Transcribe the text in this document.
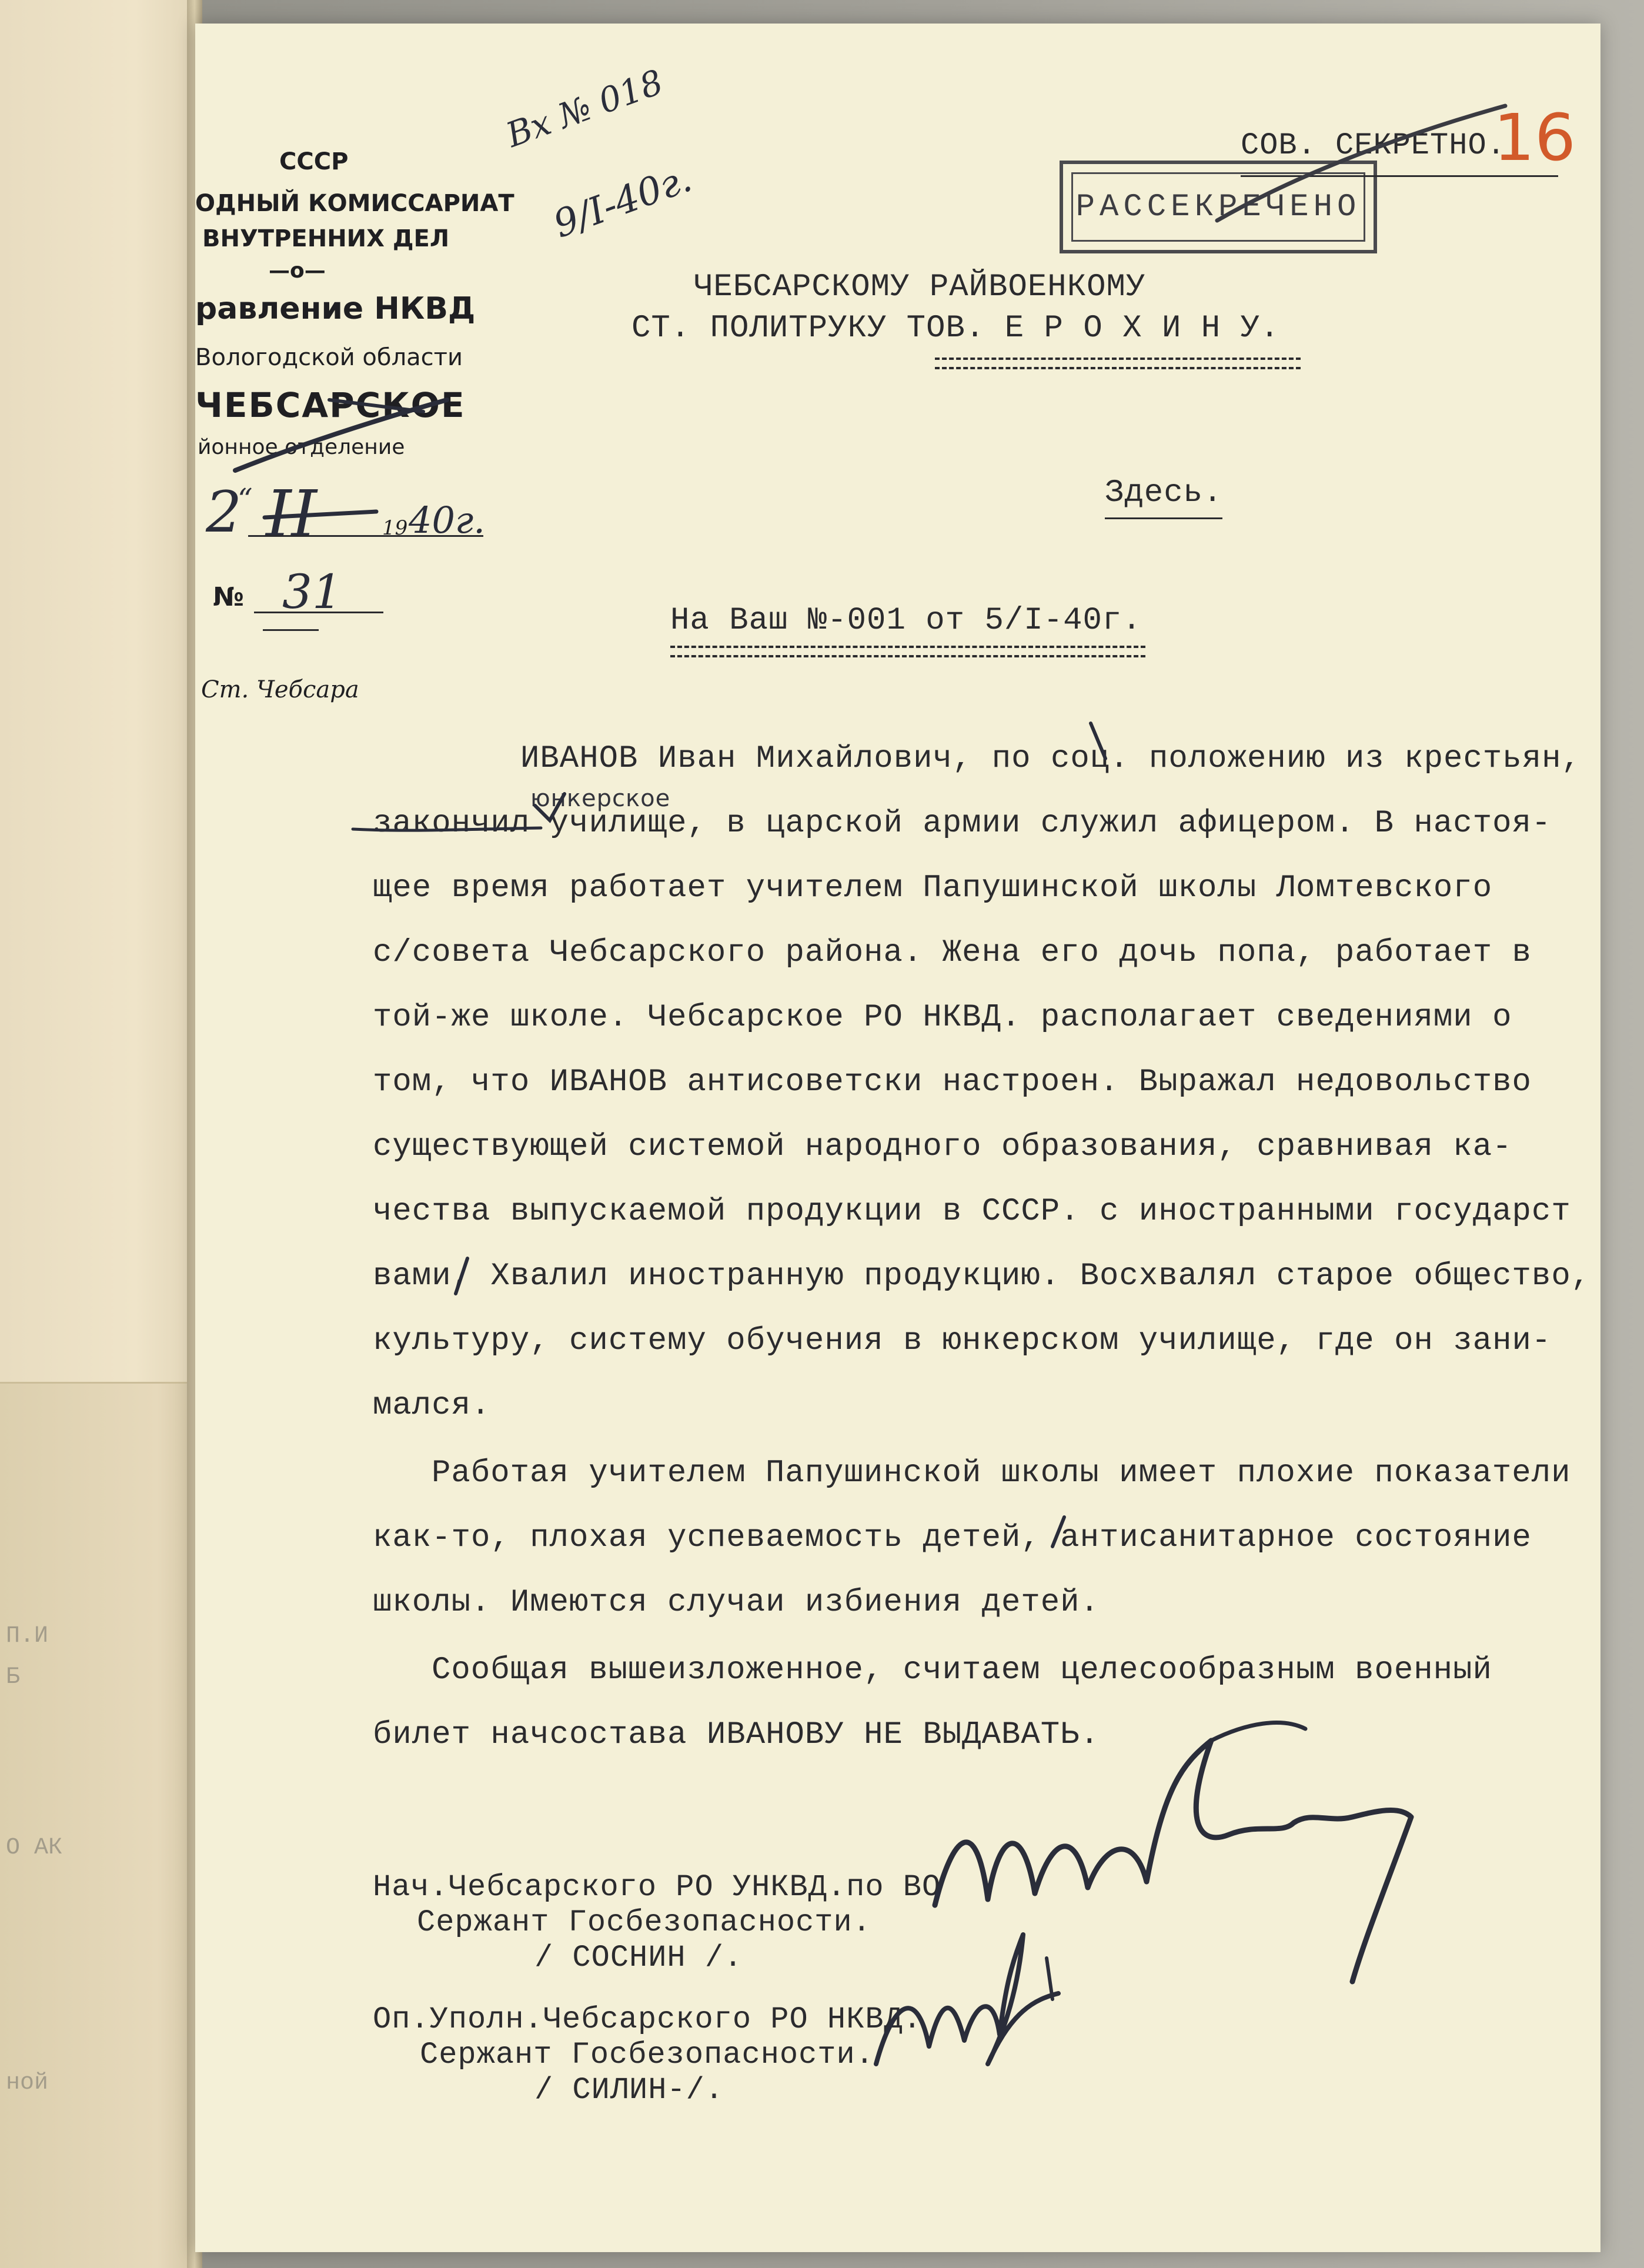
П.И
Б
О АК
ной
СССР
ОДНЫЙ КОМИССАРИАТ
ВНУТРЕННИХ ДЕЛ
—о—
равление НКВД
Вологодской области
ЧЕБСАРСКОЕ
йонное отделение
2
“ II	19 40г.
№ 31
Ст. Чебсара
Вх № 018
9/I-40г.	РАССЕКРЕЧЕНО
СОВ. СЕКРЕТНО.
16
ЧЕБСАРСКОМУ РАЙВОЕНКОМУ
СТ. ПОЛИТРУКУ ТОВ. Е Р О Х И Н У.
Здесь.
На Ваш №-001 от 5/I-40г.
юнкерское
ИВАНОВ Иван Михайлович, по соц. положению из крестьян,
закончил училище, в царской армии служил афицером. В настоя-
щее время работает учителем Папушинской школы Ломтевского
с/совета Чебсарского района. Жена его дочь попа, работает в
той-же школе. Чебсарское РО НКВД. располагает сведениями о
том, что ИВАНОВ антисоветски настроен. Выражал недовольство
существующей системой народного образования, сравнивая ка-
чества выпускаемой продукции в СССР. с иностранными государст
вами, Хвалил иностранную продукцию. Восхвалял старое общество,
культуру, систему обучения в юнкерском училище, где он зани-
мался.
Работая учителем Папушинской школы имеет плохие показатели
как-то, плохая успеваемость детей, антисанитарное состояние
школы. Имеются случаи избиения детей.
Сообщая вышеизложенное, считаем целесообразным военный
билет начсостава ИВАНОВУ НЕ ВЫДАВАТЬ.
Нач.Чебсарского РО УНКВД.по ВО
Сержант Госбезопасности.
/ СОСНИН /.
Оп.Уполн.Чебсарского РО НКВД.
Сержант Госбезопасности.
/ СИЛИН-/.
